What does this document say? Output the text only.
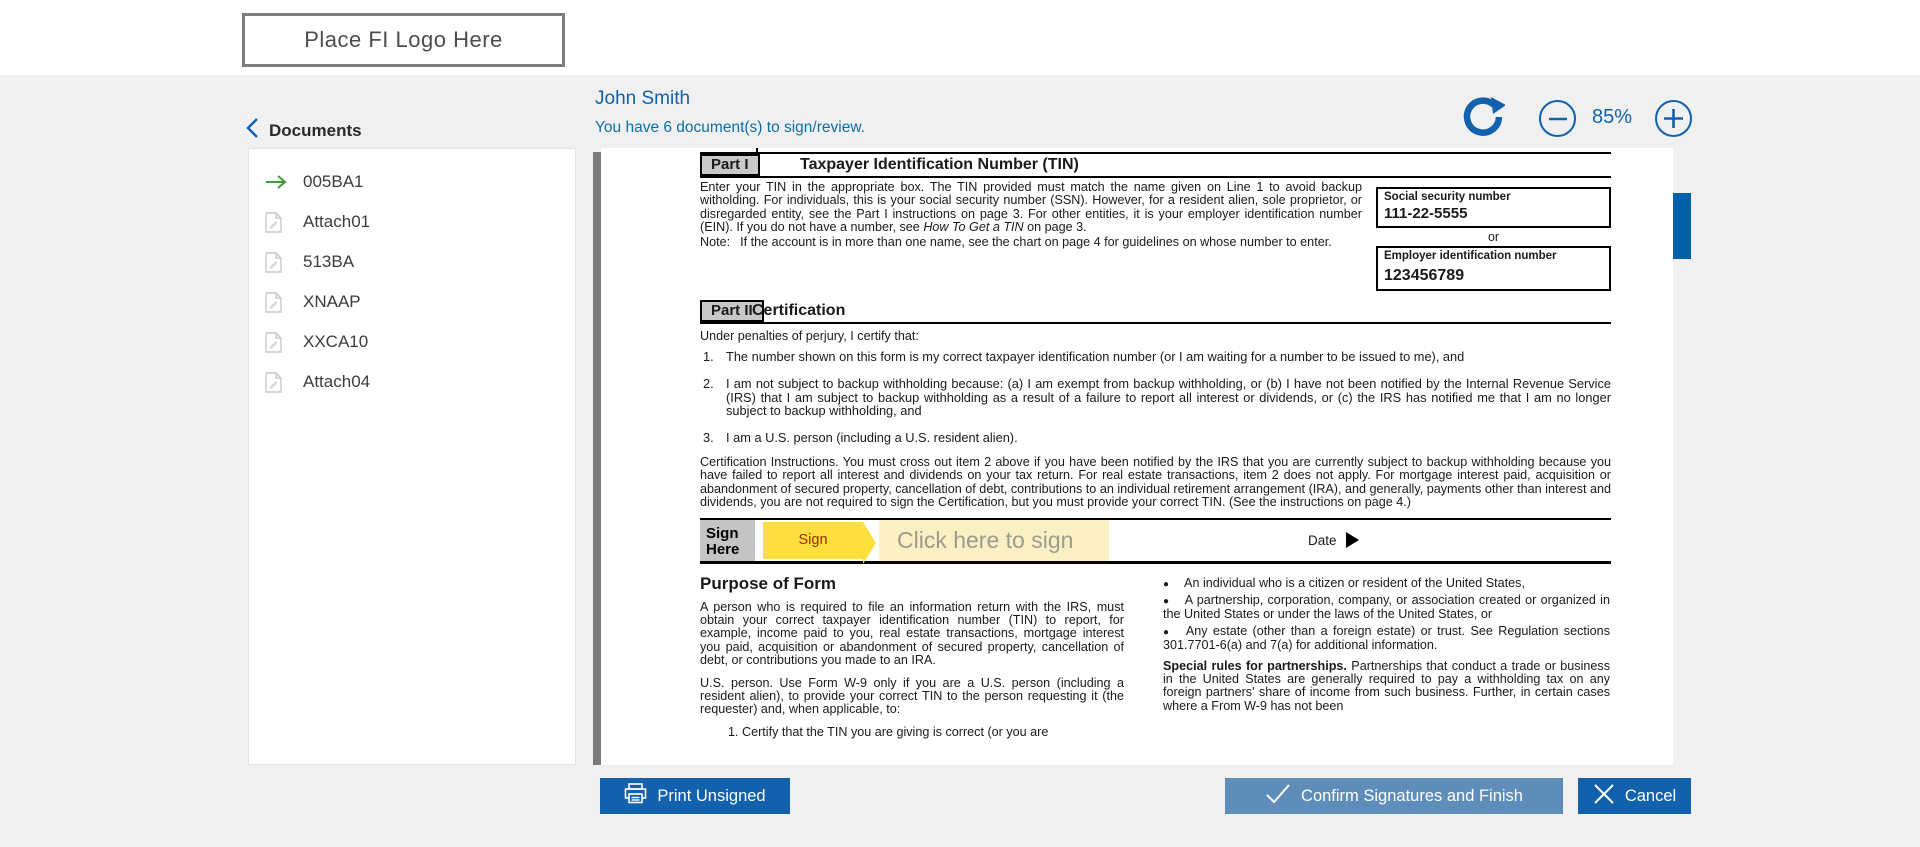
Place FI Logo Here
Documents
John Smith
You have 6 document(s) to sign/review.	85%
005BA1
Attach01
513BA
XNAAP
XXCA10
Attach04
Part I	Taxpayer Identification Number (TIN)
Enter your TIN in the appropriate box. The TIN provided must match the name given on Line 1 to avoid backup witholding. For individuals, this is your social security number (SSN). However, for a resident alien, sole proprietor, or disregarded entity, see the Part I instructions on page 3. For other entities, it is your employer identification number (EIN). If you do not have a number, see How To Get a TIN on page 3.
Note: If the account is in more than one name, see the chart on page 4 for guidelines on whose number to enter.
Social security number
111-22-5555
or
Employer identification number
123456789
Part II Certification
Under penalties of perjury, I certify that:
1. The number shown on this form is my correct taxpayer identification number (or I am waiting for a number to be issued to me), and
2. I am not subject to backup withholding because: (a) I am exempt from backup withholding, or (b) I have not been notified by the Internal Revenue Service (IRS) that I am subject to backup withholding as a result of a failure to report all interest or dividends, or (c) the IRS has notified me that I am no longer subject to backup withholding, and
3. I am a U.S. person (including a U.S. resident alien).
Certification Instructions. You must cross out item 2 above if you have been notified by the IRS that you are currently subject to backup withholding because you have failed to report all interest and dividends on your tax return. For real estate transactions, item 2 does not apply. For mortgage interest paid, acquisition or abandonment of secured property, cancellation of debt, contributions to an individual retirement arrangement (IRA), and generally, payments other than interest and dividends, you are not required to sign the Certification, but you must provide your correct TIN. (See the instructions on page 4.)
Sign
Here
Sign	Click here to sign	Date
Purpose of Form
A person who is required to file an information return with the IRS, must obtain your correct taxpayer identification number (TIN) to report, for example, income paid to you, real estate transactions, mortgage interest you paid, acquisition or abandonment of secured property, cancellation of debt, or contributions you made to an IRA.
U.S. person. Use Form W-9 only if you are a U.S. person (including a resident alien), to provide your correct TIN to the person requesting it (the requester) and, when applicable, to:
1. Certify that the TIN you are giving is correct (or you are
●   An individual who is a citizen or resident of the United States,
●   A partnership, corporation, company, or association created or organized in the United States or under the laws of the United States, or
●   Any estate (other than a foreign estate) or trust. See Regulation sections 301.7701-6(a) and 7(a) for additional information.
Special rules for partnerships. Partnerships that conduct a trade or business in the United States are generally required to pay a withholding tax on any foreign partners' share of income from such business. Further, in certain cases where a From W-9 has not been
Print Unsigned	Confirm Signatures and Finish	Cancel
